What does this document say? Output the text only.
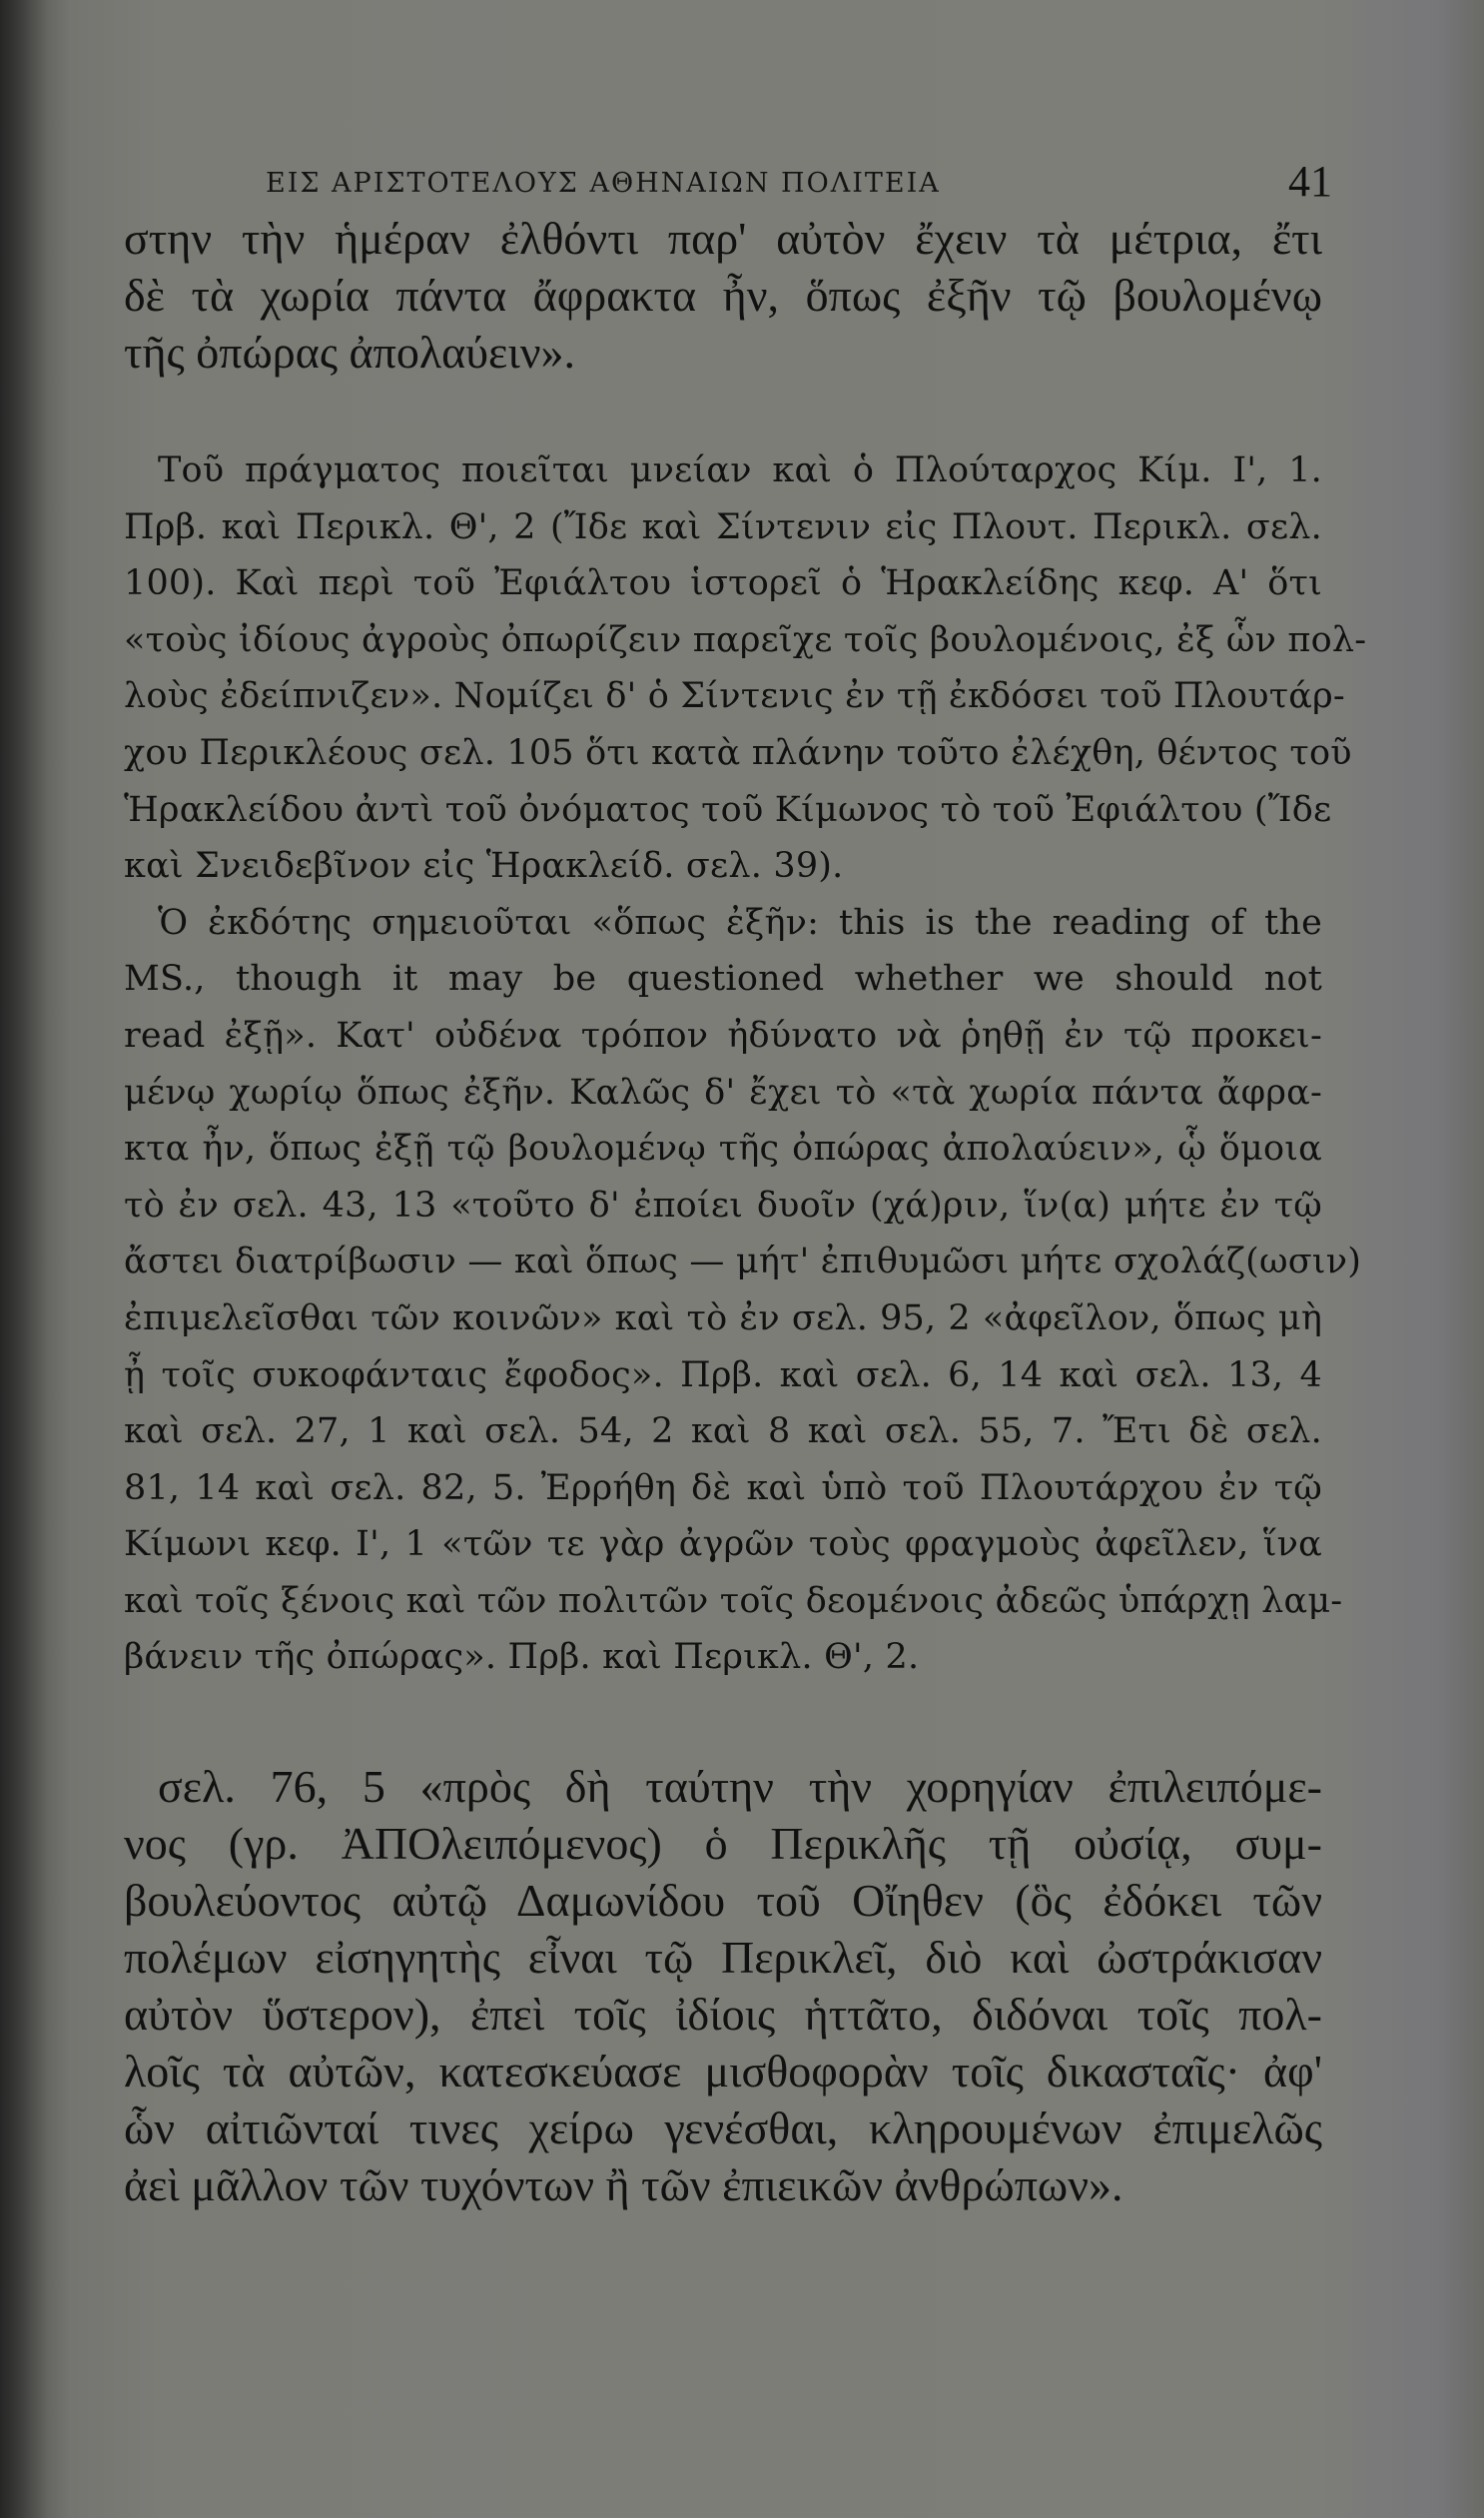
ΕΙΣ ΑΡΙΣΤΟΤΕΛΟΥΣ ΑΘΗΝΑΙΩΝ ΠΟΛΙΤΕΙΑ	41
στην τὴν ἡμέραν ἐλθόντι παρ' αὐτὸν ἔχειν τὰ μέτρια, ἔτι
δὲ τὰ χωρία πάντα ἄφρακτα ἦν, ὅπως ἐξῆν τῷ βουλομένῳ
τῆς ὀπώρας ἀπολαύειν».
Τοῦ πράγματος ποιεῖται μνείαν καὶ ὁ Πλούταρχος Κίμ. Ι', 1.
Πρβ. καὶ Περικλ. Θ', 2 (Ἴδε καὶ Σίντενιν εἰς Πλουτ. Περικλ. σελ.
100). Καὶ περὶ τοῦ Ἐφιάλτου ἱστορεῖ ὁ Ἡρακλείδης κεφ. Α' ὅτι
«τοὺς ἰδίους ἀγροὺς ὀπωρίζειν παρεῖχε τοῖς βουλομένοις, ἐξ ὧν πολ-
λοὺς ἐδείπνιζεν». Νομίζει δ' ὁ Σίντενις ἐν τῇ ἐκδόσει τοῦ Πλουτάρ-
χου Περικλέους σελ. 105 ὅτι κατὰ πλάνην τοῦτο ἐλέχθη, θέντος τοῦ
Ἡρακλείδου ἀντὶ τοῦ ὀνόματος τοῦ Κίμωνος τὸ τοῦ Ἐφιάλτου (Ἴδε
καὶ Σνειδεβῖνον εἰς Ἡρακλείδ. σελ. 39).
Ὁ ἐκδότης σημειοῦται «ὅπως ἐξῆν: this is the reading of the
MS., though it may be questioned whether we should not
read ἐξῇ». Κατ' οὐδένα τρόπον ἠδύνατο νὰ ῥηθῇ ἐν τῷ προκει-
μένῳ χωρίῳ ὅπως ἐξῆν. Καλῶς δ' ἔχει τὸ «τὰ χωρία πάντα ἄφρα-
κτα ἦν, ὅπως ἐξῇ τῷ βουλομένῳ τῆς ὀπώρας ἀπολαύειν», ᾧ ὅμοια
τὸ ἐν σελ. 43, 13 «τοῦτο δ' ἐποίει δυοῖν (χά)ριν, ἵν(α) μήτε ἐν τῷ
ἄστει διατρίβωσιν — καὶ ὅπως — μήτ' ἐπιθυμῶσι μήτε σχολάζ(ωσιν)
ἐπιμελεῖσθαι τῶν κοινῶν» καὶ τὸ ἐν σελ. 95, 2 «ἀφεῖλον, ὅπως μὴ
ᾖ τοῖς συκοφάνταις ἔφοδος». Πρβ. καὶ σελ. 6, 14 καὶ σελ. 13, 4
καὶ σελ. 27, 1 καὶ σελ. 54, 2 καὶ 8 καὶ σελ. 55, 7. Ἔτι δὲ σελ.
81, 14 καὶ σελ. 82, 5. Ἐρρήθη δὲ καὶ ὑπὸ τοῦ Πλουτάρχου ἐν τῷ
Κίμωνι κεφ. Ι', 1 «τῶν τε γὰρ ἀγρῶν τοὺς φραγμοὺς ἀφεῖλεν, ἵνα
καὶ τοῖς ξένοις καὶ τῶν πολιτῶν τοῖς δεομένοις ἀδεῶς ὑπάρχῃ λαμ-
βάνειν τῆς ὀπώρας». Πρβ. καὶ Περικλ. Θ', 2.
σελ. 76, 5 «πρὸς δὴ ταύτην τὴν χορηγίαν ἐπιλειπόμε-
νος (γρ. ἈΠΟλειπόμενος) ὁ Περικλῆς τῇ οὐσίᾳ, συμ-
βουλεύοντος αὐτῷ Δαμωνίδου τοῦ Οἴηθεν (ὃς ἐδόκει τῶν
πολέμων εἰσηγητὴς εἶναι τῷ Περικλεῖ, διὸ καὶ ὠστράκισαν
αὐτὸν ὕστερον), ἐπεὶ τοῖς ἰδίοις ἡττᾶτο, διδόναι τοῖς πολ-
λοῖς τὰ αὐτῶν, κατεσκεύασε μισθοφορὰν τοῖς δικασταῖς· ἀφ'
ὧν αἰτιῶνταί τινες χείρω γενέσθαι, κληρουμένων ἐπιμελῶς
ἀεὶ μᾶλλον τῶν τυχόντων ἢ τῶν ἐπιεικῶν ἀνθρώπων».
